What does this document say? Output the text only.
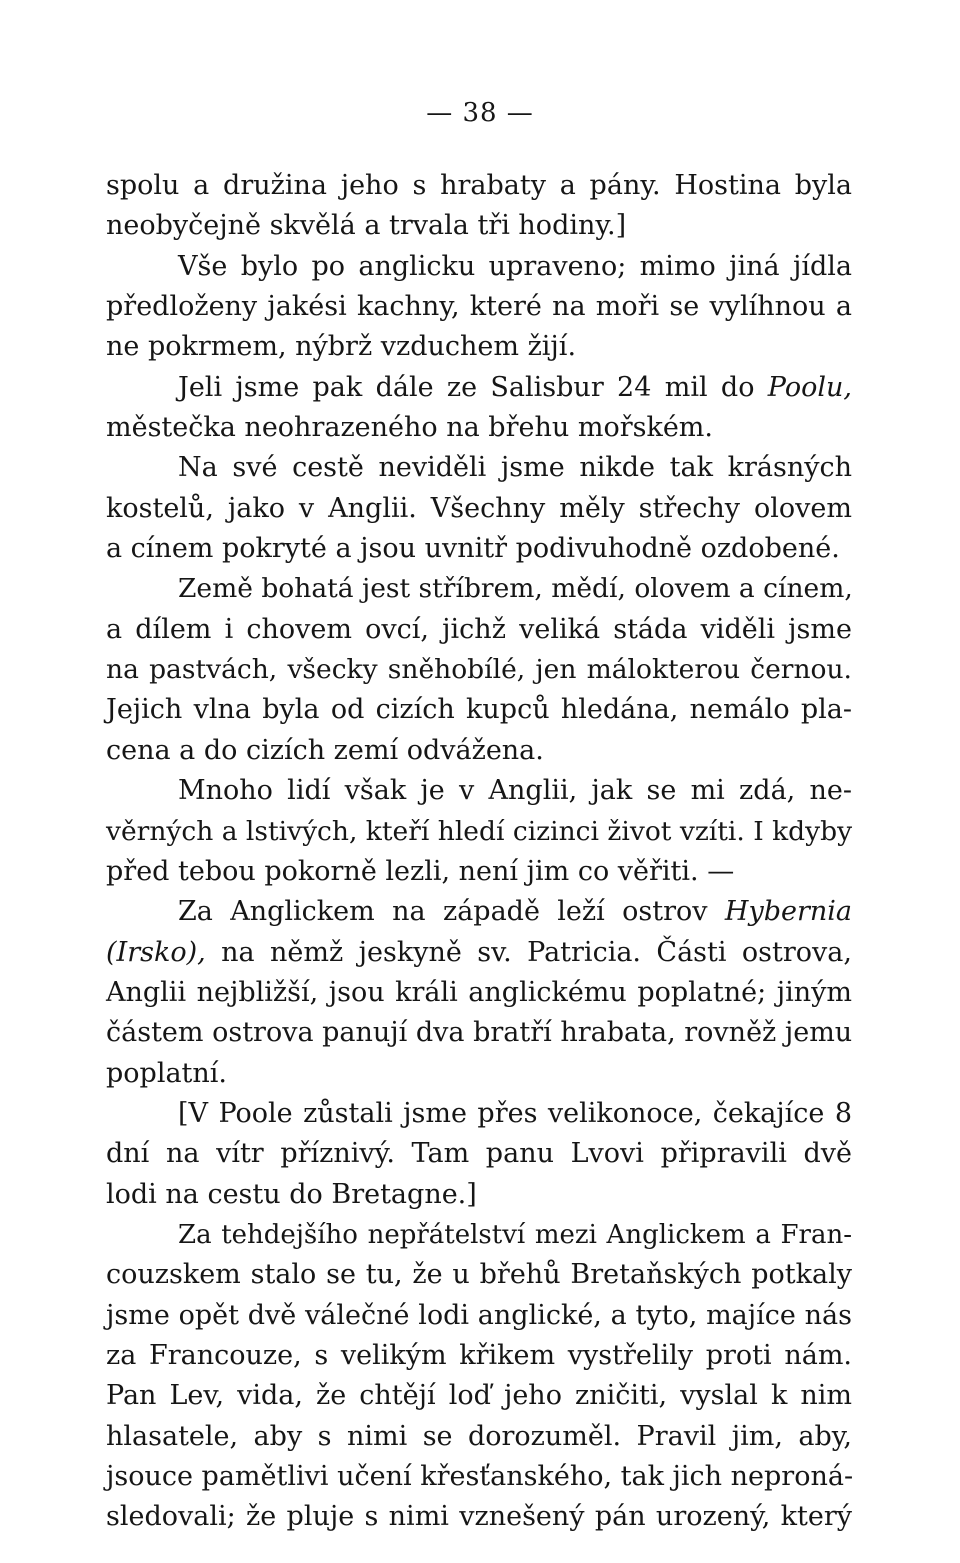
— 38 —
spolu a družina jeho s hrabaty a pány. Hostina byla
neobyčejně skvělá a trvala tři hodiny.]
Vše bylo po anglicku upraveno; mimo jiná jídla
předloženy jakési kachny, které na moři se vylíhnou a
ne pokrmem, nýbrž vzduchem žijí.
Jeli jsme pak dále ze Salisbur 24 mil do Poolu,
městečka neohrazeného na břehu mořském.
Na své cestě neviděli jsme nikde tak krásných
kostelů, jako v Anglii. Všechny měly střechy olovem
a cínem pokryté a jsou uvnitř podivuhodně ozdobené.
Země bohatá jest stříbrem, mědí, olovem a cínem,
a dílem i chovem ovcí, jichž veliká stáda viděli jsme
na pastvách, všecky sněhobílé, jen málokterou černou.
Jejich vlna byla od cizích kupců hledána, nemálo pla-
cena a do cizích zemí odvážena.
Mnoho lidí však je v Anglii, jak se mi zdá, ne-
věrných a lstivých, kteří hledí cizinci život vzíti. I kdyby
před tebou pokorně lezli, není jim co věřiti. —
Za Anglickem na západě leží ostrov Hybernia
(Irsko), na němž jeskyně sv. Patricia. Části ostrova,
Anglii nejbližší, jsou králi anglickému poplatné; jiným
částem ostrova panují dva bratří hrabata, rovněž jemu
poplatní.
[V Poole zůstali jsme přes velikonoce, čekajíce 8
dní na vítr příznivý. Tam panu Lvovi připravili dvě
lodi na cestu do Bretagne.]
Za tehdejšího nepřátelství mezi Anglickem a Fran-
couzskem stalo se tu, že u břehů Bretaňských potkaly
jsme opět dvě válečné lodi anglické, a tyto, majíce nás
za Francouze, s velikým křikem vystřelily proti nám.
Pan Lev, vida, že chtějí loď jeho zničiti, vyslal k nim
hlasatele, aby s nimi se dorozuměl. Pravil jim, aby,
jsouce pamětlivi učení křesťanského, tak jich neproná-
sledovali; že pluje s nimi vznešený pán urozený, který
